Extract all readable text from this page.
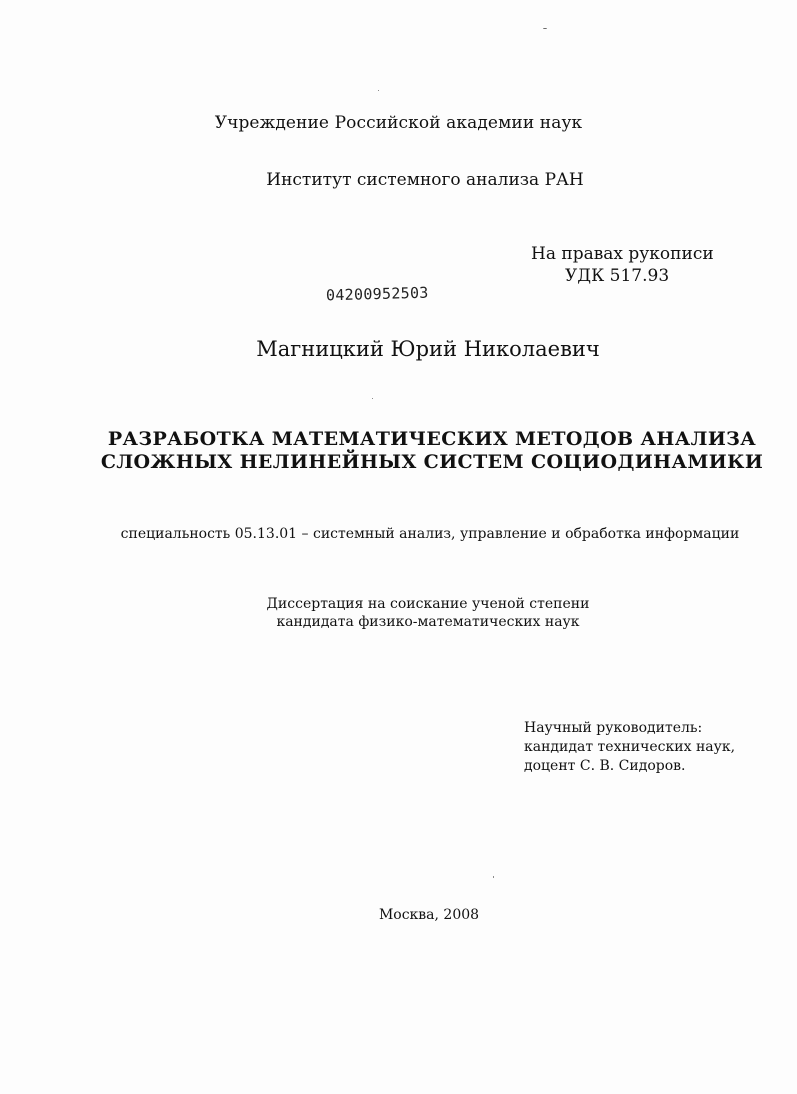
Учреждение Российской академии наук
Институт системного анализа РАН
На правах рукописи
УДК 517.93
04200952503
Магницкий Юрий Николаевич
РАЗРАБОТКА МАТЕМАТИЧЕСКИХ МЕТОДОВ АНАЛИЗА
СЛОЖНЫХ НЕЛИНЕЙНЫХ СИСТЕМ СОЦИОДИНАМИКИ
специальность 05.13.01 – системный анализ, управление и обработка информации
Диссертация на соискание ученой степени
кандидата физико-математических наук
Научный руководитель:
кандидат технических наук,
доцент С. В. Сидоров.
Москва, 2008
